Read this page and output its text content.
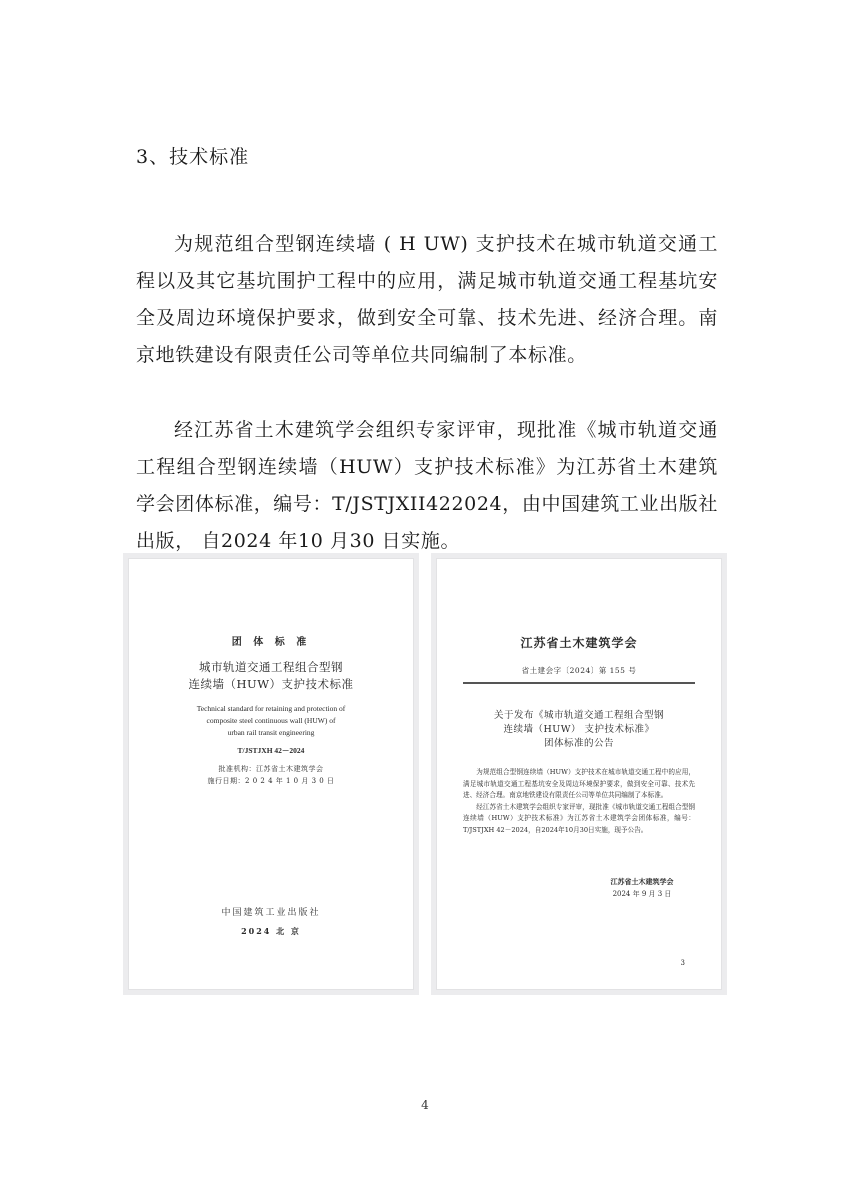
3、技术标准

为规范组合型钢连续墙 ( H UW) 支护技术在城市轨道交通工程以及其它基坑围护工程中的应用，满足城市轨道交通工程基坑安全及周边环境保护要求，做到安全可靠、技术先进、经济合理。南京地铁建设有限责任公司等单位共同编制了本标准。

经江苏省土木建筑学会组织专家评审，现批准《城市轨道交通工程组合型钢连续墙（HUW）支护技术标准》为江苏省土木建筑学会团体标准，编号：T/JSTJXII422024，由中国建筑工业出版社出版， 自2024 年10 月30 日实施。

团 体 标 准
城市轨道交通工程组合型钢
连续墙（HUW）支护技术标准
Technical standard for retaining and protection of
composite steel continuous wall (HUW) of
urban rail transit engineering
T/JSTJXH 42－2024
批准机构：江苏省土木建筑学会
施行日期：2 0 2 4 年 1 0 月 3 0 日
中国建筑工业出版社
2024 北 京
江苏省土木建筑学会
省土建会字〔2024〕第 155 号
关于发布《城市轨道交通工程组合型钢
连续墙（HUW） 支护技术标准》
团体标准的公告

为规范组合型钢连续墙（HUW）支护技术在城市轨道交通工程中的应用，满足城市轨道交通工程基坑安全及周边环境保护要求，做到安全可靠、技术先进、经济合理。南京地铁建设有限责任公司等单位共同编制了本标准。

经江苏省土木建筑学会组织专家评审，现批准《城市轨道交通工程组合型钢连续墙（HUW）支护技术标准》为江苏省土木建筑学会团体标准，编号：T/JSTJXH 42－2024，自2024年10月30日实施，现予公告。

江苏省土木建筑学会
2024 年 9 月 3 日
3
4
